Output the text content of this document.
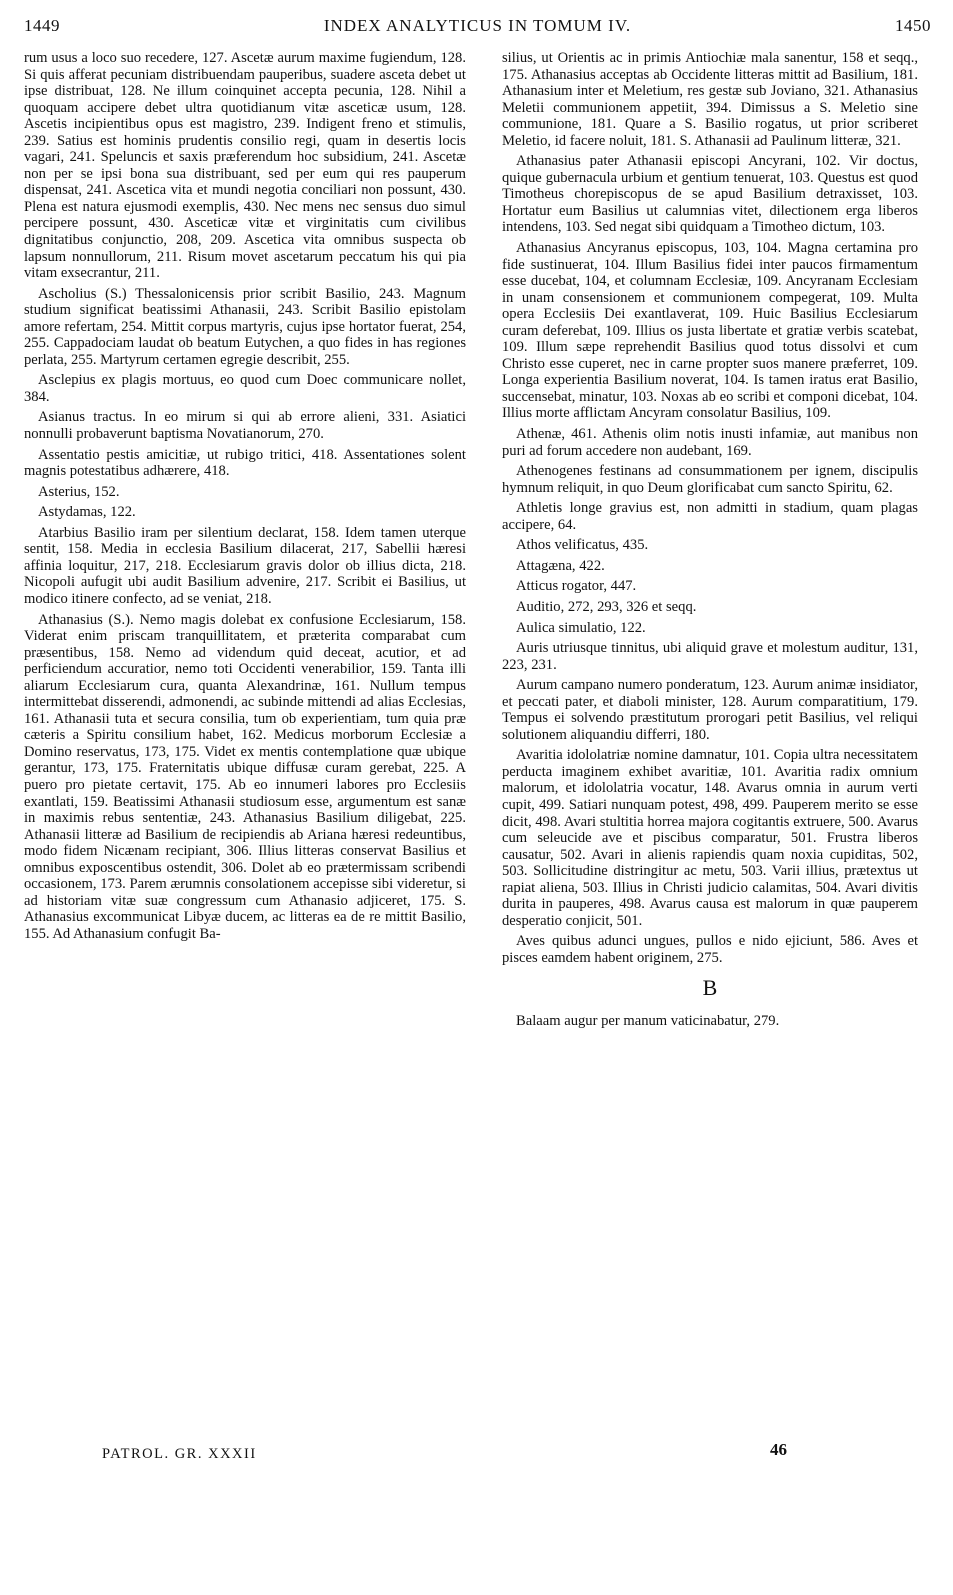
1449	INDEX ANALYTICUS IN TOMUM IV.	1450

rum usus a loco suo recedere, 127. Ascetæ aurum maxime fugiendum, 128. Si quis afferat pecuniam distribuendam pauperibus, suadere asceta debet ut ipse distribuat, 128. Ne illum coinquinet accepta pecunia, 128. Nihil a quoquam accipere debet ultra quotidianum vitæ asceticæ usum, 128. Ascetis incipientibus opus est magistro, 239. Indigent freno et stimulis, 239. Satius est hominis prudentis consilio regi, quam in desertis locis vagari, 241. Speluncis et saxis præferendum hoc subsidium, 241. Ascetæ non per se ipsi bona sua distribuant, sed per eum qui res pauperum dispensat, 241. Ascetica vita et mundi negotia conciliari non possunt, 430. Plena est natura ejusmodi exemplis, 430. Nec mens nec sensus duo simul percipere possunt, 430. Asceticæ vitæ et virginitatis cum civilibus dignitatibus conjunctio, 208, 209. Ascetica vita omnibus suspecta ob lapsum nonnullorum, 211. Risum movet ascetarum peccatum his qui pia vitam exsecrantur, 211.

Ascholius (S.) Thessalonicensis prior scribit Basilio, 243. Magnum studium significat beatissimi Athanasii, 243. Scribit Basilio epistolam amore refertam, 254. Mittit corpus martyris, cujus ipse hortator fuerat, 254, 255. Cappadociam laudat ob beatum Eutychen, a quo fides in has regiones perlata, 255. Martyrum certamen egregie describit, 255.

Asclepius ex plagis mortuus, eo quod cum Doec communicare nollet, 384.

Asianus tractus. In eo mirum si qui ab errore alieni, 331. Asiatici nonnulli probaverunt baptisma Novatianorum, 270.

Assentatio pestis amicitiæ, ut rubigo tritici, 418. Assentationes solent magnis potestatibus adhærere, 418.

Asterius, 152.

Astydamas, 122.

Atarbius Basilio iram per silentium declarat, 158. Idem tamen uterque sentit, 158. Media in ecclesia Basilium dilacerat, 217, Sabellii hæresi affinia loquitur, 217, 218. Ecclesiarum gravis dolor ob illius dicta, 218. Nicopoli aufugit ubi audit Basilium advenire, 217. Scribit ei Basilius, ut modico itinere confecto, ad se veniat, 218.

Athanasius (S.). Nemo magis dolebat ex confusione Ecclesiarum, 158. Viderat enim priscam tranquillitatem, et præterita comparabat cum præsentibus, 158. Nemo ad videndum quid deceat, acutior, et ad perficiendum accuratior, nemo toti Occidenti venerabilior, 159. Tanta illi aliarum Ecclesiarum cura, quanta Alexandrinæ, 161. Nullum tempus intermittebat disserendi, admonendi, ac subinde mittendi ad alias Ecclesias, 161. Athanasii tuta et secura consilia, tum ob experientiam, tum quia præ cæteris a Spiritu consilium habet, 162. Medicus morborum Ecclesiæ a Domino reservatus, 173, 175. Videt ex mentis contemplatione quæ ubique gerantur, 173, 175. Fraternitatis ubique diffusæ curam gerebat, 225. A puero pro pietate certavit, 175. Ab eo innumeri labores pro Ecclesiis exantlati, 159. Beatissimi Athanasii studiosum esse, argumentum est sanæ in maximis rebus sententiæ, 243. Athanasius Basilium diligebat, 225. Athanasii litteræ ad Basilium de recipiendis ab Ariana hæresi redeuntibus, modo fidem Nicænam recipiant, 306. Illius litteras conservat Basilius et omnibus exposcentibus ostendit, 306. Dolet ab eo prætermissam scribendi occasionem, 173. Parem ærumnis consolationem accepisse sibi videretur, si ad historiam vitæ suæ congressum cum Athanasio adjiceret, 175. S. Athanasius excommunicat Libyæ ducem, ac litteras ea de re mittit Basilio, 155. Ad Athanasium confugit Ba-

silius, ut Orientis ac in primis Antiochiæ mala sanentur, 158 et seqq., 175. Athanasius acceptas ab Occidente litteras mittit ad Basilium, 181. Athanasium inter et Meletium, res gestæ sub Joviano, 321. Athanasius Meletii communionem appetiit, 394. Dimissus a S. Meletio sine communione, 181. Quare a S. Basilio rogatus, ut prior scriberet Meletio, id facere noluit, 181. S. Athanasii ad Paulinum litteræ, 321.

Athanasius pater Athanasii episcopi Ancyrani, 102. Vir doctus, quique gubernacula urbium et gentium tenuerat, 103. Questus est quod Timotheus chorepiscopus de se apud Basilium detraxisset, 103. Hortatur eum Basilius ut calumnias vitet, dilectionem erga liberos intendens, 103. Sed negat sibi quidquam a Timotheo dictum, 103.

Athanasius Ancyranus episcopus, 103, 104. Magna certamina pro fide sustinuerat, 104. Illum Basilius fidei inter paucos firmamentum esse ducebat, 104, et columnam Ecclesiæ, 109. Ancyranam Ecclesiam in unam consensionem et communionem compegerat, 109. Multa opera Ecclesiis Dei exantlaverat, 109. Huic Basilius Ecclesiarum curam deferebat, 109. Illius os justa libertate et gratiæ verbis scatebat, 109. Illum sæpe reprehendit Basilius quod totus dissolvi et cum Christo esse cuperet, nec in carne propter suos manere præferret, 109. Longa experientia Basilium noverat, 104. Is tamen iratus erat Basilio, succensebat, minatur, 103. Noxas ab eo scribi et componi dicebat, 104. Illius morte afflictam Ancyram consolatur Basilius, 109.

Athenæ, 461. Athenis olim notis inusti infamiæ, aut manibus non puri ad forum accedere non audebant, 169.

Athenogenes festinans ad consummationem per ignem, discipulis hymnum reliquit, in quo Deum glorificabat cum sancto Spiritu, 62.

Athletis longe gravius est, non admitti in stadium, quam plagas accipere, 64.

Athos velificatus, 435.

Attagæna, 422.

Atticus rogator, 447.

Auditio, 272, 293, 326 et seqq.

Aulica simulatio, 122.

Auris utriusque tinnitus, ubi aliquid grave et molestum auditur, 131, 223, 231.

Aurum campano numero ponderatum, 123. Aurum animæ insidiator, et peccati pater, et diaboli minister, 128. Aurum comparatitium, 179. Tempus ei solvendo præstitutum prorogari petit Basilius, vel reliqui solutionem aliquandiu differri, 180.

Avaritia idololatriæ nomine damnatur, 101. Copia ultra necessitatem perducta imaginem exhibet avaritiæ, 101. Avaritia radix omnium malorum, et idololatria vocatur, 148. Avarus omnia in aurum verti cupit, 499. Satiari nunquam potest, 498, 499. Pauperem merito se esse dicit, 498. Avari stultitia horrea majora cogitantis extruere, 500. Avarus cum seleucide ave et piscibus comparatur, 501. Frustra liberos causatur, 502. Avari in alienis rapiendis quam noxia cupiditas, 502, 503. Sollicitudine distringitur ac metu, 503. Varii illius, prætextus ut rapiat aliena, 503. Illius in Christi judicio calamitas, 504. Avari divitis durita in pauperes, 498. Avarus causa est malorum in quæ pauperem desperatio conjicit, 501.

Aves quibus adunci ungues, pullos e nido ejiciunt, 586. Aves et pisces eamdem habent originem, 275.

B

Balaam augur per manum vaticinabatur, 279.

PATROL. GR. XXXII	46
